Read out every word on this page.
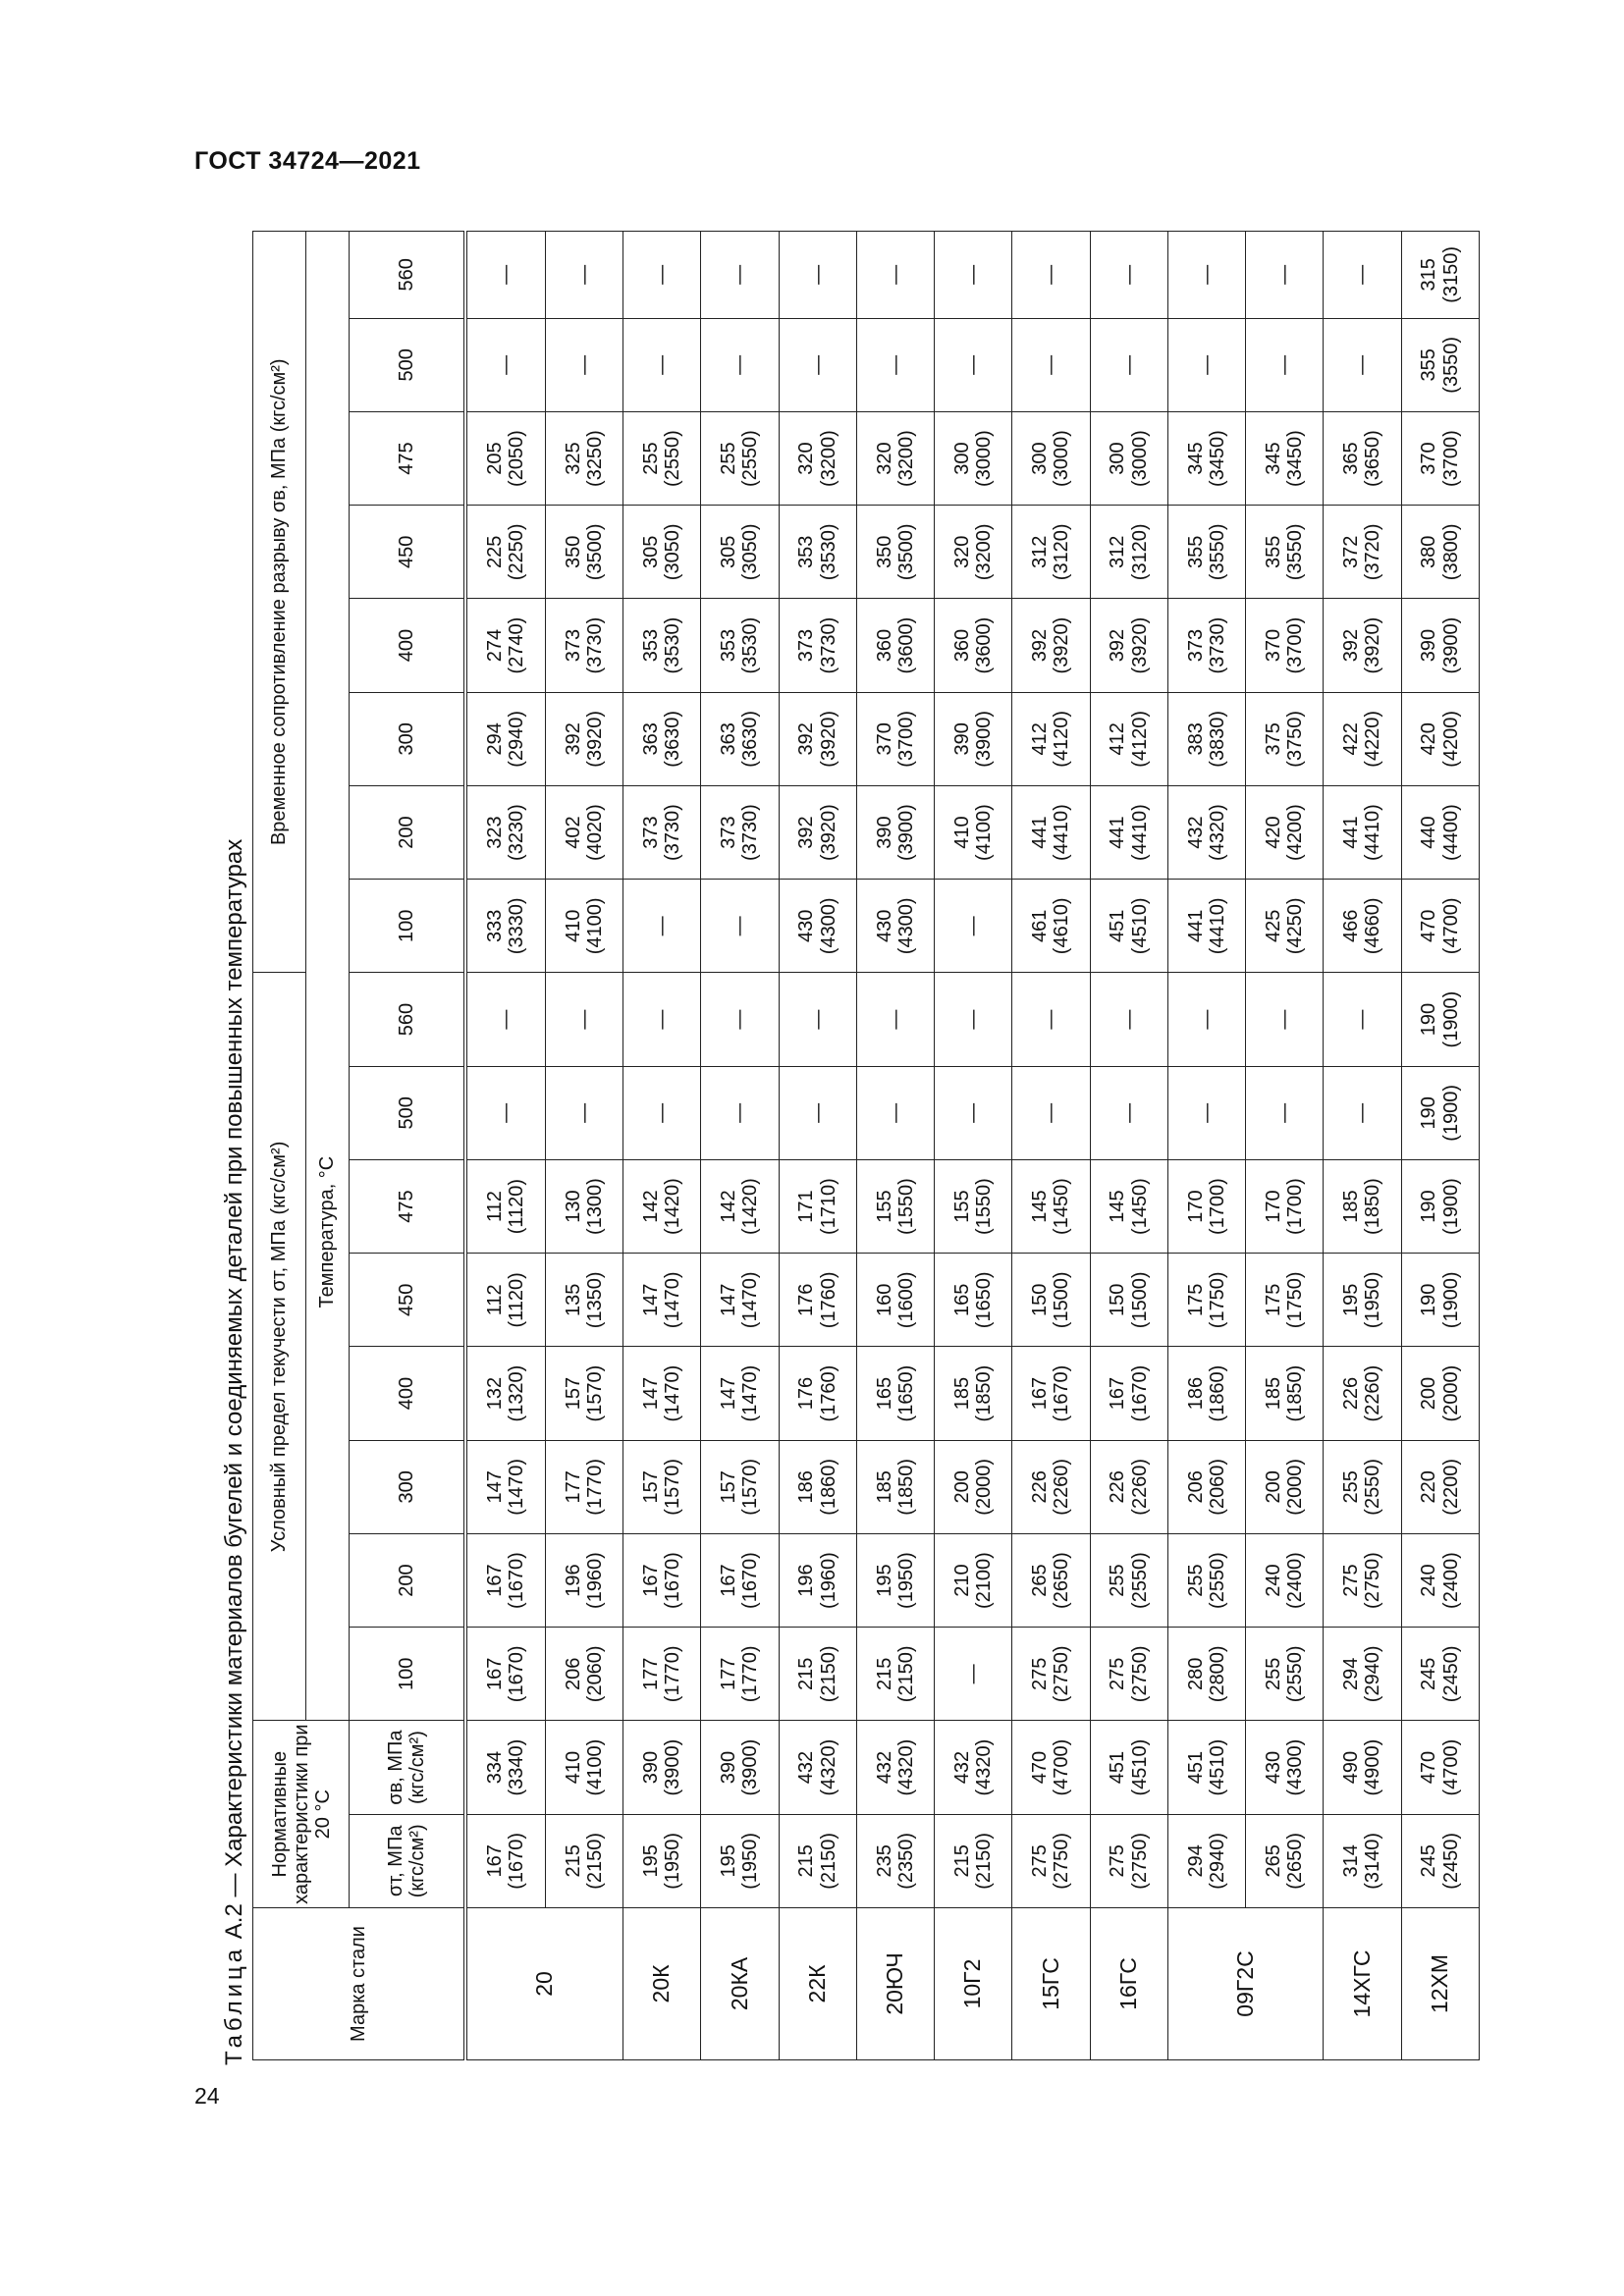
ГОСТ 34724—2021
24
Таблица А.2 — Характеристики материалов бугелей и соединяемых деталей при повышенных температурах
Марка стали	Нормативные характеристики при 20 °С		Условный предел текучести σт, МПа (кгс/см²)								Временное сопротивление разрыву σв, МПа (кгс/см²)							
			Температура, °С															
	σт, МПа (кгс/см²)	σв, МПа (кгс/см²)	100	200	300	400	450	475	500	560	100	200	300	400	450	475	500	560
20	167 (1670)	334 (3340)	167 (1670)	167 (1670)	147 (1470)	132 (1320)	112 (1120)	112 (1120)	—	—	333 (3330)	323 (3230)	294 (2940)	274 (2740)	225 (2250)	205 (2050)	—	—

	215 (2150)	410 (4100)	206 (2060)	196 (1960)	177 (1770)	157 (1570)	135 (1350)	130 (1300)	—	—	410 (4100)	402 (4020)	392 (3920)	373 (3730)	350 (3500)	325 (3250)	—	—

20К	195 (1950)	390 (3900)	177 (1770)	167 (1670)	157 (1570)	147 (1470)	147 (1470)	142 (1420)	—	—	—	373 (3730)	363 (3630)	353 (3530)	305 (3050)	255 (2550)	—	—

20КА	195 (1950)	390 (3900)	177 (1770)	167 (1670)	157 (1570)	147 (1470)	147 (1470)	142 (1420)	—	—	—	373 (3730)	363 (3630)	353 (3530)	305 (3050)	255 (2550)	—	—

22К	215 (2150)	432 (4320)	215 (2150)	196 (1960)	186 (1860)	176 (1760)	176 (1760)	171 (1710)	—	—	430 (4300)	392 (3920)	392 (3920)	373 (3730)	353 (3530)	320 (3200)	—	—

20ЮЧ	235 (2350)	432 (4320)	215 (2150)	195 (1950)	185 (1850)	165 (1650)	160 (1600)	155 (1550)	—	—	430 (4300)	390 (3900)	370 (3700)	360 (3600)	350 (3500)	320 (3200)	—	—

10Г2	215 (2150)	432 (4320)	—	210 (2100)	200 (2000)	185 (1850)	165 (1650)	155 (1550)	—	—	—	410 (4100)	390 (3900)	360 (3600)	320 (3200)	300 (3000)	—	—

15ГС	275 (2750)	470 (4700)	275 (2750)	265 (2650)	226 (2260)	167 (1670)	150 (1500)	145 (1450)	—	—	461 (4610)	441 (4410)	412 (4120)	392 (3920)	312 (3120)	300 (3000)	—	—

16ГС	275 (2750)	451 (4510)	275 (2750)	255 (2550)	226 (2260)	167 (1670)	150 (1500)	145 (1450)	—	—	451 (4510)	441 (4410)	412 (4120)	392 (3920)	312 (3120)	300 (3000)	—	—

09Г2С	294 (2940)	451 (4510)	280 (2800)	255 (2550)	206 (2060)	186 (1860)	175 (1750)	170 (1700)	—	—	441 (4410)	432 (4320)	383 (3830)	373 (3730)	355 (3550)	345 (3450)	—	—

	265 (2650)	430 (4300)	255 (2550)	240 (2400)	200 (2000)	185 (1850)	175 (1750)	170 (1700)	—	—	425 (4250)	420 (4200)	375 (3750)	370 (3700)	355 (3550)	345 (3450)	—	—

14ХГС	314 (3140)	490 (4900)	294 (2940)	275 (2750)	255 (2550)	226 (2260)	195 (1950)	185 (1850)	—	—	466 (4660)	441 (4410)	422 (4220)	392 (3920)	372 (3720)	365 (3650)	—	—

12ХМ	245 (2450)	470 (4700)	245 (2450)	240 (2400)	220 (2200)	200 (2000)	190 (1900)	190 (1900)	190 (1900)	190 (1900)	470 (4700)	440 (4400)	420 (4200)	390 (3900)	380 (3800)	370 (3700)	355 (3550)	315 (3150)
